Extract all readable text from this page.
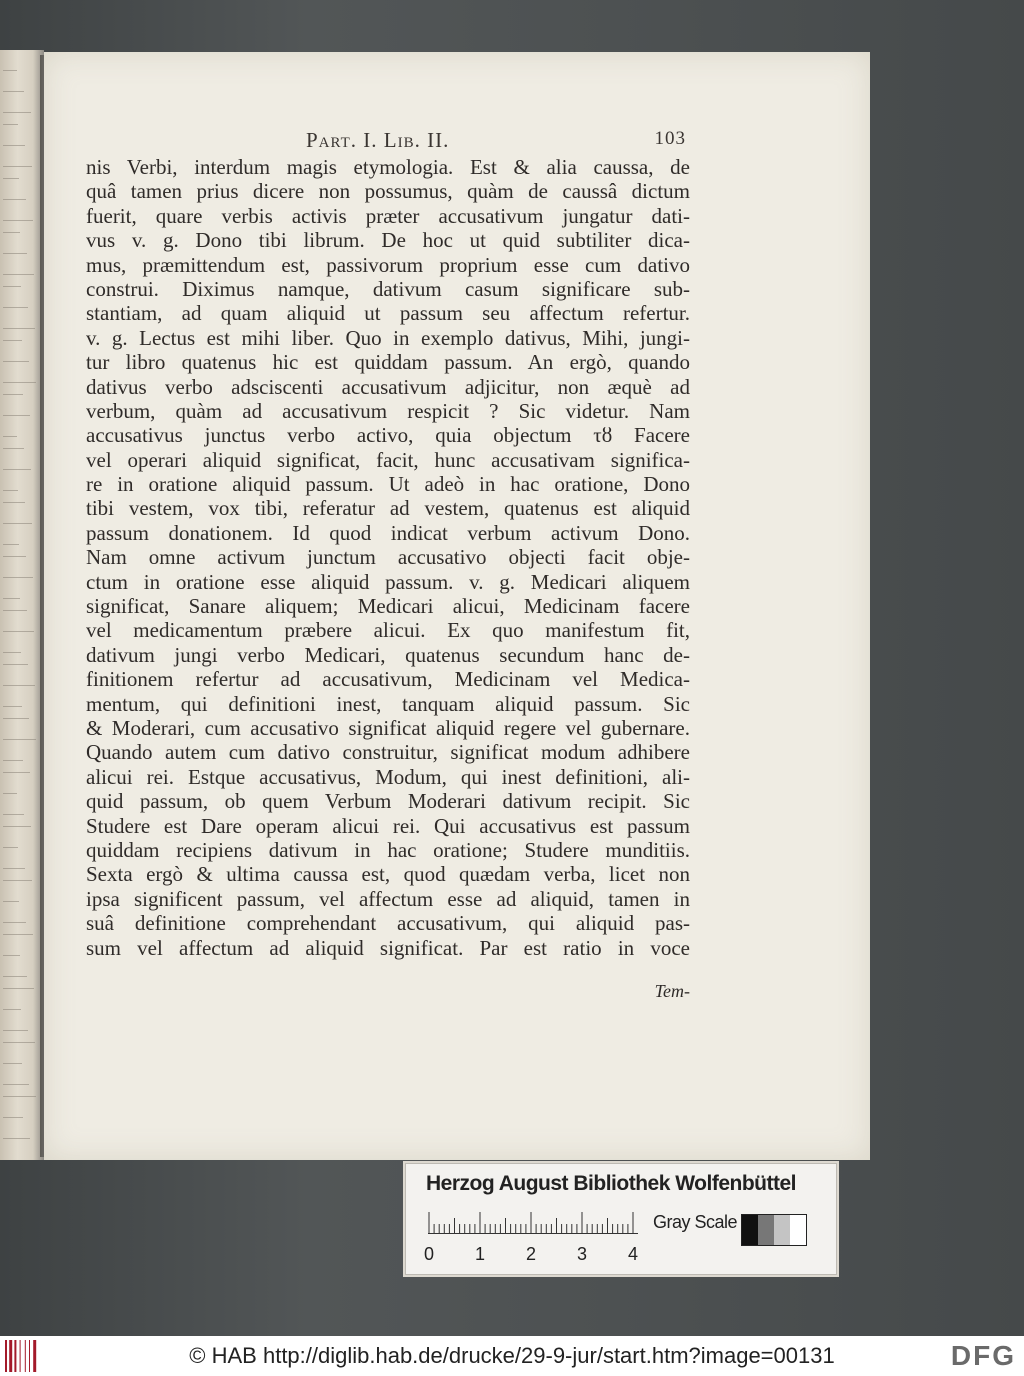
Part. I. Lib. II.	103
nis Verbi, interdum magis etymologia. Est & alia caussa, de
quâ tamen prius dicere non possumus, quàm de caussâ dictum
fuerit, quare verbis activis præter accusativum jungatur dati-
vus v. g. Dono tibi librum. De hoc ut quid subtiliter dica-
mus, præmittendum est, passivorum proprium esse cum dativo
construi. Diximus namque, dativum casum significare sub-
stantiam, ad quam aliquid ut passum seu affectum refertur.
v. g. Lectus est mihi liber. Quo in exemplo dativus, Mihi, jungi-
tur libro quatenus hic est quiddam passum. An ergò, quando
dativus verbo adsciscenti accusativum adjicitur, non æquè ad
verbum, quàm ad accusativum respicit ? Sic videtur. Nam
accusativus junctus verbo activo, quia objectum τȣ Facere
vel operari aliquid significat, facit, hunc accusativam significa-
re in oratione aliquid passum. Ut adeò in hac oratione, Dono
tibi vestem, vox tibi, referatur ad vestem, quatenus est aliquid
passum donationem. Id quod indicat verbum activum Dono.
Nam omne activum junctum accusativo objecti facit obje-
ctum in oratione esse aliquid passum. v. g. Medicari aliquem
significat, Sanare aliquem; Medicari alicui, Medicinam facere
vel medicamentum præbere alicui. Ex quo manifestum fit,
dativum jungi verbo Medicari, quatenus secundum hanc de-
finitionem refertur ad accusativum, Medicinam vel Medica-
mentum, qui definitioni inest, tanquam aliquid passum. Sic
& Moderari, cum accusativo significat aliquid regere vel gubernare.
Quando autem cum dativo construitur, significat modum adhibere
alicui rei. Estque accusativus, Modum, qui inest definitioni, ali-
quid passum, ob quem Verbum Moderari dativum recipit. Sic
Studere est Dare operam alicui rei. Qui accusativus est passum
quiddam recipiens dativum in hac oratione; Studere munditiis.
Sexta ergò & ultima caussa est, quod quædam verba, licet non
ipsa significent passum, vel affectum esse ad aliquid, tamen in
suâ definitione comprehendant accusativum, qui aliquid pas-
sum vel affectum ad aliquid significat. Par est ratio in voce
Tem-
Herzog August Bibliothek Wolfenbüttel
0 1 2 3 4
Gray Scale
© HAB http://diglib.hab.de/drucke/29-9-jur/start.htm?image=00131	DFG
